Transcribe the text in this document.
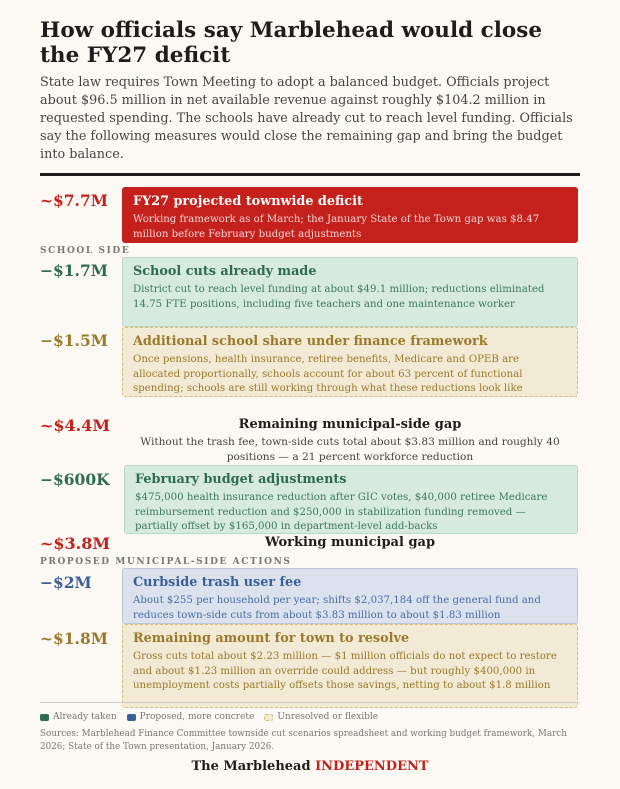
How officials say Marblehead would close the FY27 deficit
State law requires Town Meeting to adopt a balanced budget. Officials project about $96.5 million in net available revenue against roughly $104.2 million in requested spending. The schools have already cut to reach level funding. Officials say the following measures would close the remaining gap and bring the budget into balance.
~$7.7M FY27 projected townwide deficit
Working framework as of March; the January State of the Town gap was $8.47 million before February budget adjustments
SCHOOL SIDE
−$1.7M School cuts already made
District cut to reach level funding at about $49.1 million; reductions eliminated 14.75 FTE positions, including five teachers and one maintenance worker
−$1.5M Additional school share under finance framework
Once pensions, health insurance, retiree benefits, Medicare and OPEB are allocated proportionally, schools account for about 63 percent of functional spending; schools are still working through what these reductions look like
~$4.4M	Remaining municipal-side gap
Without the trash fee, town-side cuts total about $3.83 million and roughly 40 positions — a 21 percent workforce reduction
−$600K February budget adjustments
$475,000 health insurance reduction after GIC votes, $40,000 retiree Medicare reimbursement reduction and $250,000 in stabilization funding removed — partially offset by $165,000 in department-level add-backs
~$3.8M	Working municipal gap
PROPOSED MUNICIPAL-SIDE ACTIONS
−$2M	Curbside trash user fee
About $255 per household per year; shifts $2,037,184 off the general fund and reduces town-side cuts from about $3.83 million to about $1.83 million
~$1.8M Remaining amount for town to resolve
Gross cuts total about $2.23 million — $1 million officials do not expect to restore and about $1.23 million an override could address — but roughly $400,000 in unemployment costs partially offsets those savings, netting to about $1.8 million
Already taken	Proposed, more concrete	Unresolved or flexible
Sources: Marblehead Finance Committee townside cut scenarios spreadsheet and working budget framework, March 2026; State of the Town presentation, January 2026.
The Marblehead INDEPENDENT
